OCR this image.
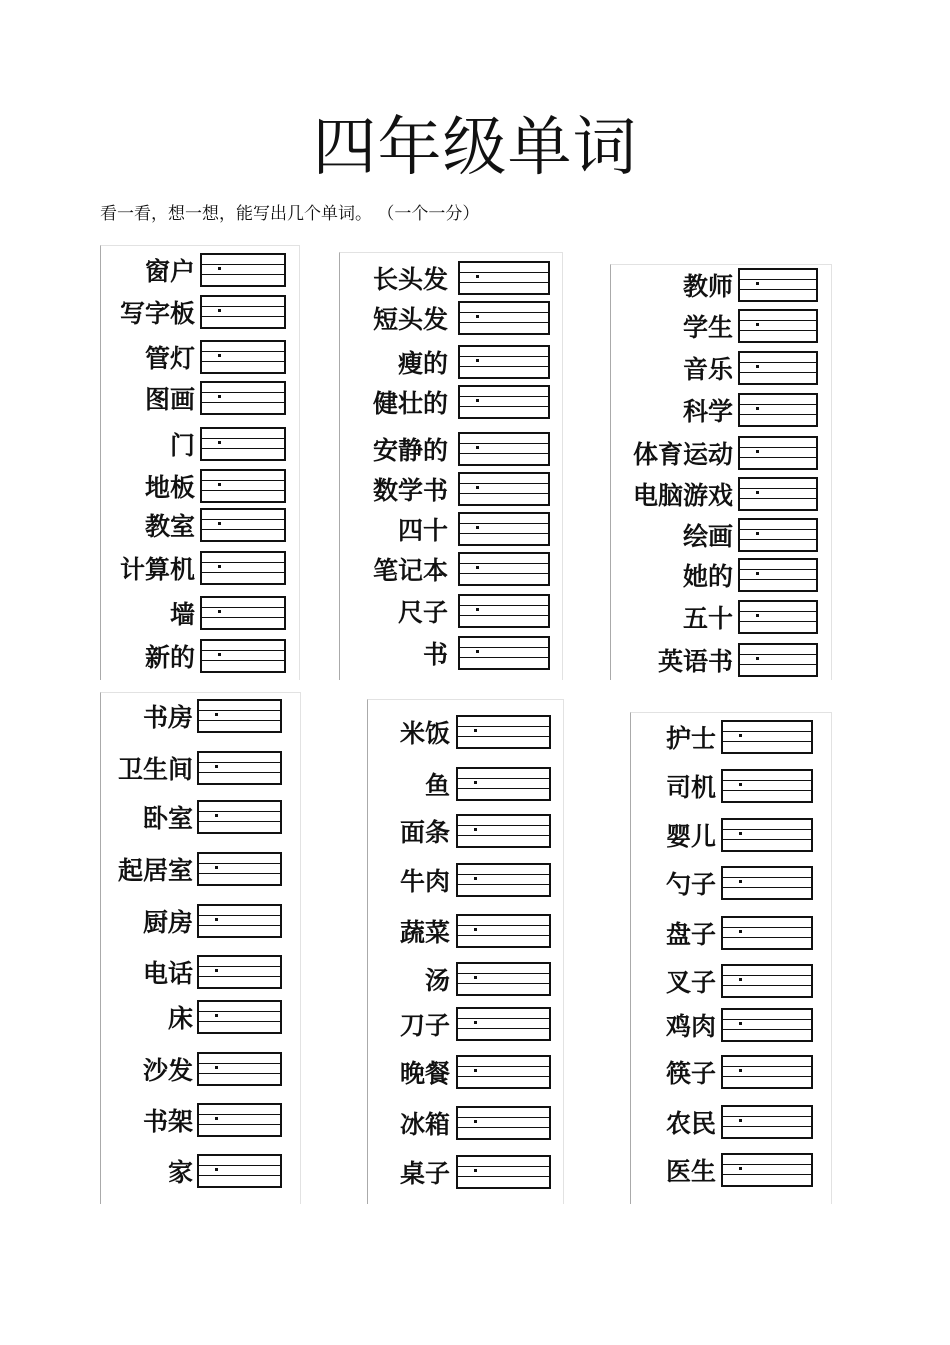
四年级单词
看一看，想一想，能写出几个单词。 （一个一分）
窗户
写字板
管灯
图画
门
地板
教室
计算机
墙
新的
长头发
短头发
瘦的
健壮的
安静的
数学书
四十
笔记本
尺子
书
教师
学生
音乐
科学
体育运动
电脑游戏
绘画
她的
五十
英语书
书房
卫生间
卧室
起居室
厨房
电话
床
沙发
书架
家
米饭
鱼
面条
牛肉
蔬菜
汤
刀子
晚餐
冰箱
桌子
护士
司机
婴儿
勺子
盘子
叉子
鸡肉
筷子
农民
医生
